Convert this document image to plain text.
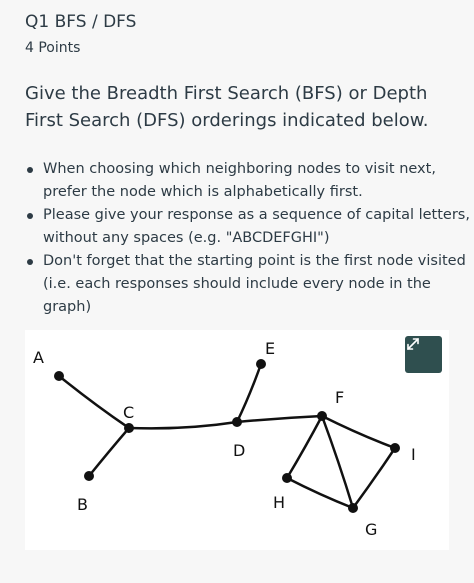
Q1 BFS / DFS
4 Points

Give the Breadth First Search (BFS) or Depth First Search (DFS) orderings indicated below.

When choosing which neighboring nodes to visit next, prefer the node which is alphabetically first.
Please give your response as a sequence of capital letters, without any spaces (e.g. "ABCDEFGHI")
Don't forget that the starting point is the first node visited (i.e. each responses should include every node in the graph)
A
B
C
D
E
F
G
H
I
